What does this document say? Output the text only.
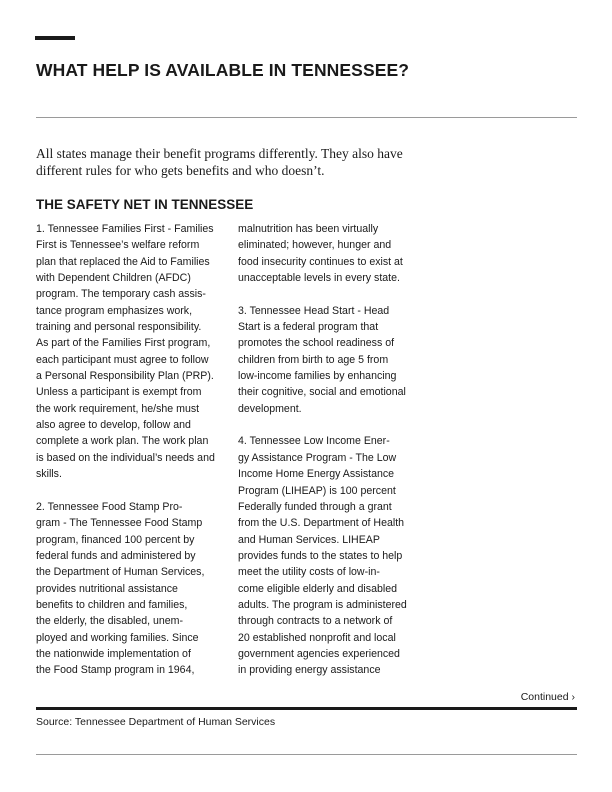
WHAT HELP IS AVAILABLE IN TENNESSEE?

All states manage their benefit programs differently. They also have
different rules for who gets benefits and who doesn’t.

THE SAFETY NET IN TENNESSEE
1. Tennessee Families First - Families
First is Tennessee’s welfare reform
plan that replaced the Aid to Families
with Dependent Children (AFDC)
program. The temporary cash assis-
tance program emphasizes work,
training and personal responsibility.
As part of the Families First program,
each participant must agree to follow
a Personal Responsibility Plan (PRP).
Unless a participant is exempt from
the work requirement, he/she must
also agree to develop, follow and
complete a work plan. The work plan
is based on the individual’s needs and
skills.
2. Tennessee Food Stamp Pro-
gram - The Tennessee Food Stamp
program, financed 100 percent by
federal funds and administered by
the Department of Human Services,
provides nutritional assistance
benefits to children and families,
the elderly, the disabled, unem-
ployed and working families. Since
the nationwide implementation of
the Food Stamp program in 1964,
malnutrition has been virtually
eliminated; however, hunger and
food insecurity continues to exist at
unacceptable levels in every state.
3. Tennessee Head Start - Head
Start is a federal program that
promotes the school readiness of
children from birth to age 5 from
low-income families by enhancing
their cognitive, social and emotional
development.
4. Tennessee Low Income Ener-
gy Assistance Program - The Low
Income Home Energy Assistance
Program (LIHEAP) is 100 percent
Federally funded through a grant
from the U.S. Department of Health
and Human Services. LIHEAP
provides funds to the states to help
meet the utility costs of low-in-
come eligible elderly and disabled
adults. The program is administered
through contracts to a network of
20 established nonprofit and local
government agencies experienced
in providing energy assistance
Continued ›
Source: Tennessee Department of Human Services
